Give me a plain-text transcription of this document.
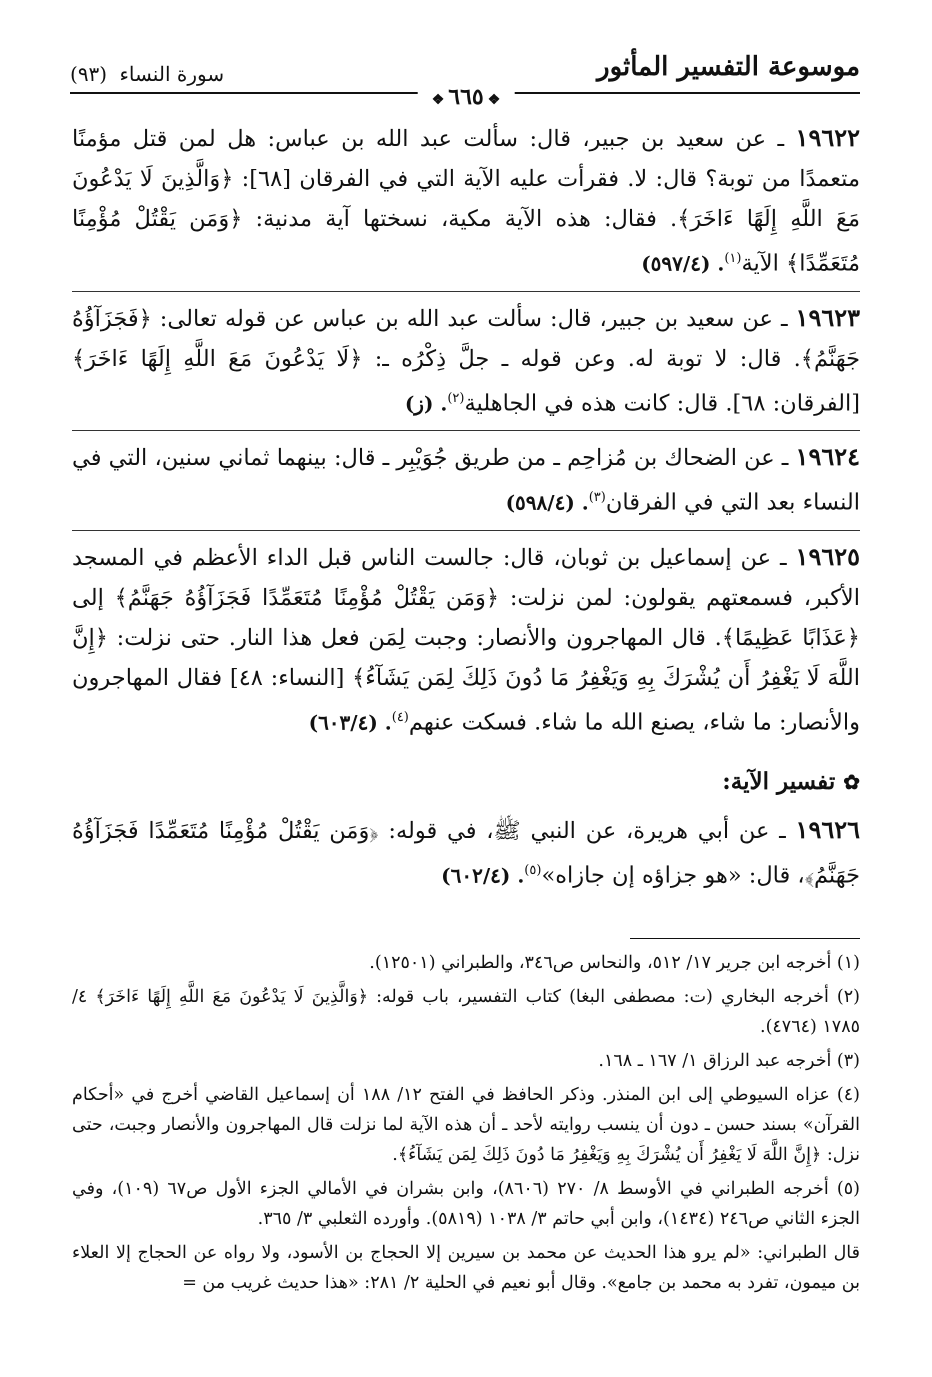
موسوعة التفسير المأثور
سورة النساء (٩٣)
❖٦٦٥❖

١٩٦٢٢ ـ عن سعيد بن جبير، قال: سألت عبد الله بن عباس: هل لمن قتل مؤمنًا متعمدًا من توبة؟ قال: لا. فقرأت عليه الآية التي في الفرقان [٦٨]: ﴿وَالَّذِينَ لَا يَدْعُونَ مَعَ اللَّهِ إِلَهًا ءَاخَرَ﴾. فقال: هذه الآية مكية، نسختها آية مدنية: ﴿وَمَن يَقْتُلْ مُؤْمِنًا مُتَعَمِّدًا﴾ الآية$^{(١)}$. (٥٩٧/٤)

١٩٦٢٣ ـ عن سعيد بن جبير، قال: سألت عبد الله بن عباس عن قوله تعالى: ﴿فَجَزَآؤُهُ جَهَنَّمُ﴾. قال: لا توبة له. وعن قوله ـ جلَّ ذِكْرُه ـ: ﴿لَا يَدْعُونَ مَعَ اللَّهِ إِلَهًا ءَاخَرَ﴾ [الفرقان: ٦٨]. قال: كانت هذه في الجاهلية$^{(٢)}$. (ز)

١٩٦٢٤ ـ عن الضحاك بن مُزاحِم ـ من طريق جُوَيْبِر ـ قال: بينهما ثماني سنين، التي في النساء بعد التي في الفرقان$^{(٣)}$. (٥٩٨/٤)

١٩٦٢٥ ـ عن إسماعيل بن ثوبان، قال: جالست الناس قبل الداء الأعظم في المسجد الأكبر، فسمعتهم يقولون: لمن نزلت: ﴿وَمَن يَقْتُلْ مُؤْمِنًا مُتَعَمِّدًا فَجَزَآؤُهُ جَهَنَّمُ﴾ إلى ﴿عَذَابًا عَظِيمًا﴾. قال المهاجرون والأنصار: وجبت لِمَن فعل هذا النار. حتى نزلت: ﴿إِنَّ اللَّهَ لَا يَغْفِرُ أَن يُشْرَكَ بِهِ وَيَغْفِرُ مَا دُونَ ذَلِكَ لِمَن يَشَآءُ﴾ [النساء: ٤٨] فقال المهاجرون والأنصار: ما شاء، يصنع الله ما شاء. فسكت عنهم$^{(٤)}$. (٦٠٣/٤)

✿تفسير الآية:

١٩٦٢٦ ـ عن أبي هريرة، عن النبي ﷺ، في قوله: ﴿وَمَن يَقْتُلْ مُؤْمِنًا مُتَعَمِّدًا فَجَزَآؤُهُ جَهَنَّمُ﴾، قال: «هو جزاؤه إن جازاه»$^{(٥)}$. (٦٠٢/٤)

(١) أخرجه ابن جرير ١٧/ ٥١٢، والنحاس ص٣٤٦، والطبراني (١٢٥٠١).

(٢) أخرجه البخاري (ت: مصطفى البغا) كتاب التفسير، باب قوله: ﴿وَالَّذِينَ لَا يَدْعُونَ مَعَ اللَّهِ إِلَهًا ءَاخَرَ﴾ ٤/ ١٧٨٥ (٤٧٦٤).

(٣) أخرجه عبد الرزاق ١/ ١٦٧ ـ ١٦٨.

(٤) عزاه السيوطي إلى ابن المنذر. وذكر الحافظ في الفتح ١٢/ ١٨٨ أن إسماعيل القاضي أخرج في «أحكام القرآن» بسند حسن ـ دون أن ينسب روايته لأحد ـ أن هذه الآية لما نزلت قال المهاجرون والأنصار وجبت، حتى نزل: ﴿إِنَّ اللَّهَ لَا يَغْفِرُ أَن يُشْرَكَ بِهِ وَيَغْفِرُ مَا دُونَ ذَلِكَ لِمَن يَشَآءُ﴾.

(٥) أخرجه الطبراني في الأوسط ٨/ ٢٧٠ (٨٦٠٦)، وابن بشران في الأمالي الجزء الأول ص٦٧ (١٠٩)، وفي الجزء الثاني ص٢٤٦ (١٤٣٤)، وابن أبي حاتم ٣/ ١٠٣٨ (٥٨١٩). وأورده الثعلبي ٣/ ٣٦٥.

قال الطبراني: «لم يرو هذا الحديث عن محمد بن سيرين إلا الحجاج بن الأسود، ولا رواه عن الحجاج إلا العلاء بن ميمون، تفرد به محمد بن جامع». وقال أبو نعيم في الحلية ٢/ ٢٨١: «هذا حديث غريب من =
